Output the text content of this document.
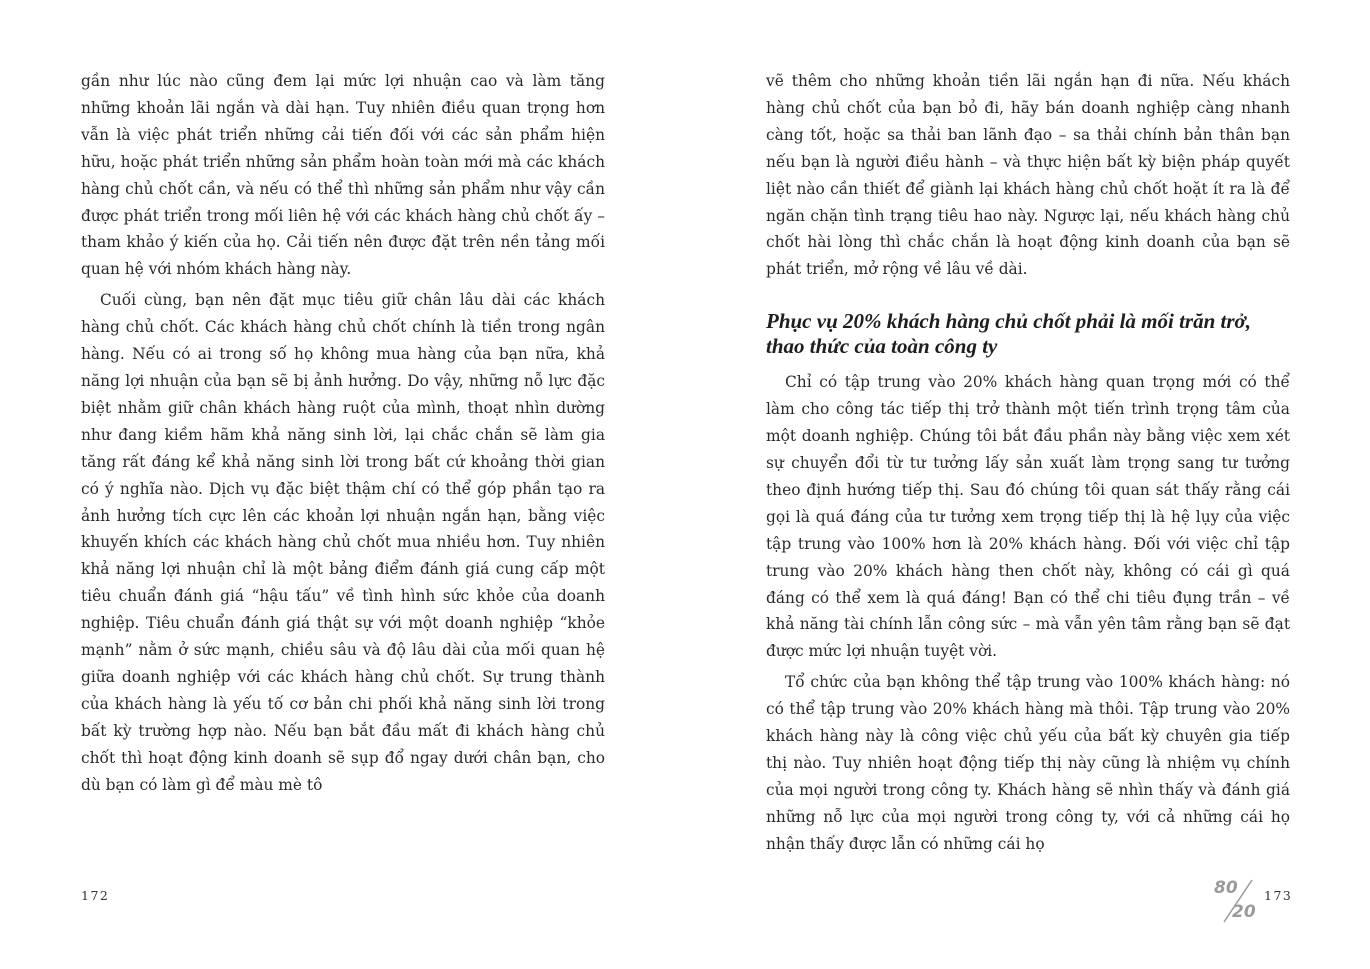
gần như lúc nào cũng đem lại mức lợi nhuận cao và làm tăng những khoản lãi ngắn và dài hạn. Tuy nhiên điều quan trọng hơn vẫn là việc phát triển những cải tiến đối với các sản phẩm hiện hữu, hoặc phát triển những sản phẩm hoàn toàn mới mà các khách hàng chủ chốt cần, và nếu có thể thì những sản phẩm như vậy cần được phát triển trong mối liên hệ với các khách hàng chủ chốt ấy – tham khảo ý kiến của họ. Cải tiến nên được đặt trên nền tảng mối quan hệ với nhóm khách hàng này.

Cuối cùng, bạn nên đặt mục tiêu giữ chân lâu dài các khách hàng chủ chốt. Các khách hàng chủ chốt chính là tiền trong ngân hàng. Nếu có ai trong số họ không mua hàng của bạn nữa, khả năng lợi nhuận của bạn sẽ bị ảnh hưởng. Do vậy, những nỗ lực đặc biệt nhằm giữ chân khách hàng ruột của mình, thoạt nhìn dường như đang kiềm hãm khả năng sinh lời, lại chắc chắn sẽ làm gia tăng rất đáng kể khả năng sinh lời trong bất cứ khoảng thời gian có ý nghĩa nào. Dịch vụ đặc biệt thậm chí có thể góp phần tạo ra ảnh hưởng tích cực lên các khoản lợi nhuận ngắn hạn, bằng việc khuyến khích các khách hàng chủ chốt mua nhiều hơn. Tuy nhiên khả năng lợi nhuận chỉ là một bảng điểm đánh giá cung cấp một tiêu chuẩn đánh giá “hậu tấu” về tình hình sức khỏe của doanh nghiệp. Tiêu chuẩn đánh giá thật sự với một doanh nghiệp “khỏe mạnh” nằm ở sức mạnh, chiều sâu và độ lâu dài của mối quan hệ giữa doanh nghiệp với các khách hàng chủ chốt. Sự trung thành của khách hàng là yếu tố cơ bản chi phối khả năng sinh lời trong bất kỳ trường hợp nào. Nếu bạn bắt đầu mất đi khách hàng chủ chốt thì hoạt động kinh doanh sẽ sụp đổ ngay dưới chân bạn, cho dù bạn có làm gì để màu mè tô

172

vẽ thêm cho những khoản tiền lãi ngắn hạn đi nữa. Nếu khách hàng chủ chốt của bạn bỏ đi, hãy bán doanh nghiệp càng nhanh càng tốt, hoặc sa thải ban lãnh đạo – sa thải chính bản thân bạn nếu bạn là người điều hành – và thực hiện bất kỳ biện pháp quyết liệt nào cần thiết để giành lại khách hàng chủ chốt hoặt ít ra là để ngăn chặn tình trạng tiêu hao này. Ngược lại, nếu khách hàng chủ chốt hài lòng thì chắc chắn là hoạt động kinh doanh của bạn sẽ phát triển, mở rộng về lâu về dài.

Phục vụ 20% khách hàng chủ chốt phải là mối trăn trở, thao thức của toàn công ty

Chỉ có tập trung vào 20% khách hàng quan trọng mới có thể làm cho công tác tiếp thị trở thành một tiến trình trọng tâm của một doanh nghiệp. Chúng tôi bắt đầu phần này bằng việc xem xét sự chuyển đổi từ tư tưởng lấy sản xuất làm trọng sang tư tưởng theo định hướng tiếp thị. Sau đó chúng tôi quan sát thấy rằng cái gọi là quá đáng của tư tưởng xem trọng tiếp thị là hệ lụy của việc tập trung vào 100% hơn là 20% khách hàng. Đối với việc chỉ tập trung vào 20% khách hàng then chốt này, không có cái gì quá đáng có thể xem là quá đáng! Bạn có thể chi tiêu đụng trần – về khả năng tài chính lẫn công sức – mà vẫn yên tâm rằng bạn sẽ đạt được mức lợi nhuận tuyệt vời.

Tổ chức của bạn không thể tập trung vào 100% khách hàng: nó có thể tập trung vào 20% khách hàng mà thôi. Tập trung vào 20% khách hàng này là công việc chủ yếu của bất kỳ chuyên gia tiếp thị nào. Tuy nhiên hoạt động tiếp thị này cũng là nhiệm vụ chính của mọi người trong công ty. Khách hàng sẽ nhìn thấy và đánh giá những nỗ lực của mọi người trong công ty, với cả những cái họ nhận thấy được lẫn có những cái họ

80
20
173
